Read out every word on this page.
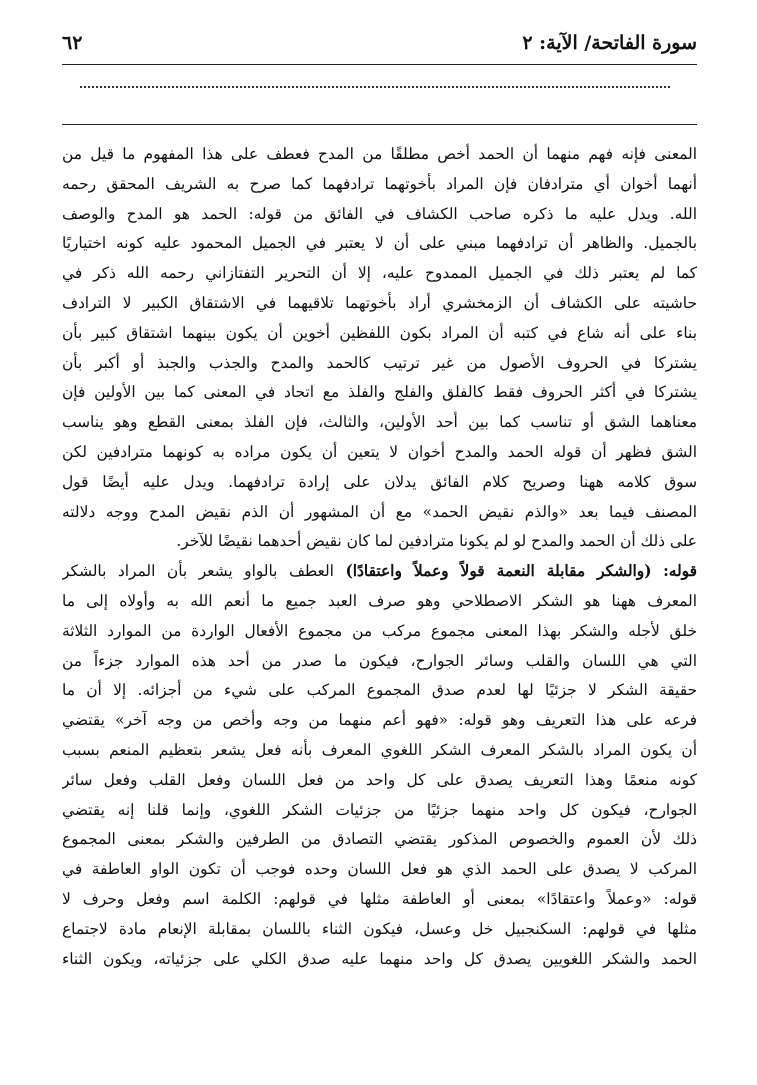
سورة الفاتحة/ الآية: ٢
٦٢
المعنى فإنه فهم منهما أن الحمد أخص مطلقًا من المدح فعطف على هذا المفهوم ما قيل من
أنهما أخوان أي مترادفان فإن المراد بأخوتهما ترادفهما كما صرح به الشريف المحقق رحمه
الله. ويدل عليه ما ذكره صاحب الكشاف في الفائق من قوله: الحمد هو المدح والوصف
بالجميل. والظاهر أن ترادفهما مبني على أن لا يعتبر في الجميل المحمود عليه كونه اختياريًا
كما لم يعتبر ذلك في الجميل الممدوح عليه، إلا أن التحرير التفتازاني رحمه الله ذكر في
حاشيته على الكشاف أن الزمخشري أراد بأخوتهما تلاقيهما في الاشتقاق الكبير لا الترادف
بناء على أنه شاع في كتبه أن المراد بكون اللفظين أخوين أن يكون بينهما اشتقاق كبير بأن
يشتركا في الحروف الأصول من غير ترتيب كالحمد والمدح والجذب والجبذ أو أكبر بأن
يشتركا في أكثر الحروف فقط كالفلق والفلج والفلذ مع اتحاد في المعنى كما بين الأولين فإن
معناهما الشق أو تناسب كما بين أحد الأولين، والثالث، فإن الفلذ بمعنى القطع وهو يناسب
الشق فظهر أن قوله الحمد والمدح أخوان لا يتعين أن يكون مراده به كونهما مترادفين لكن
سوق كلامه ههنا وصريح كلام الفائق يدلان على إرادة ترادفهما. ويدل عليه أيضًا قول
المصنف فيما بعد «والذم نقيض الحمد» مع أن المشهور أن الذم نقيض المدح ووجه دلالته
على ذلك أن الحمد والمدح لو لم يكونا مترادفين لما كان نقيض أحدهما نقيضًا للآخر.
قوله: (والشكر مقابلة النعمة قولاً وعملاً واعتقادًا) العطف بالواو يشعر بأن المراد بالشكر
المعرف ههنا هو الشكر الاصطلاحي وهو صرف العبد جميع ما أنعم الله به وأولاه إلى ما
خلق لأجله والشكر بهذا المعنى مجموع مركب من مجموع الأفعال الواردة من الموارد الثلاثة
التي هي اللسان والقلب وسائر الجوارح، فيكون ما صدر من أحد هذه الموارد جزءاً من
حقيقة الشكر لا جزئيًا لها لعدم صدق المجموع المركب على شيء من أجزائه. إلا أن ما
فرعه على هذا التعريف وهو قوله: «فهو أعم منهما من وجه وأخص من وجه آخر» يقتضي
أن يكون المراد بالشكر المعرف الشكر اللغوي المعرف بأنه فعل يشعر بتعظيم المنعم بسبب
كونه منعمًا وهذا التعريف يصدق على كل واحد من فعل اللسان وفعل القلب وفعل سائر
الجوارح، فيكون كل واحد منهما جزئيًا من جزئيات الشكر اللغوي، وإنما قلنا إنه يقتضي
ذلك لأن العموم والخصوص المذكور يقتضي التصادق من الطرفين والشكر بمعنى المجموع
المركب لا يصدق على الحمد الذي هو فعل اللسان وحده فوجب أن تكون الواو العاطفة في
قوله: «وعملاً واعتقادًا» بمعنى أو العاطفة مثلها في قولهم: الكلمة اسم وفعل وحرف لا
مثلها في قولهم: السكنجبيل خل وعسل، فيكون الثناء باللسان بمقابلة الإنعام مادة لاجتماع
الحمد والشكر اللغويين يصدق كل واحد منهما عليه صدق الكلي على جزئياته، ويكون الثناء
